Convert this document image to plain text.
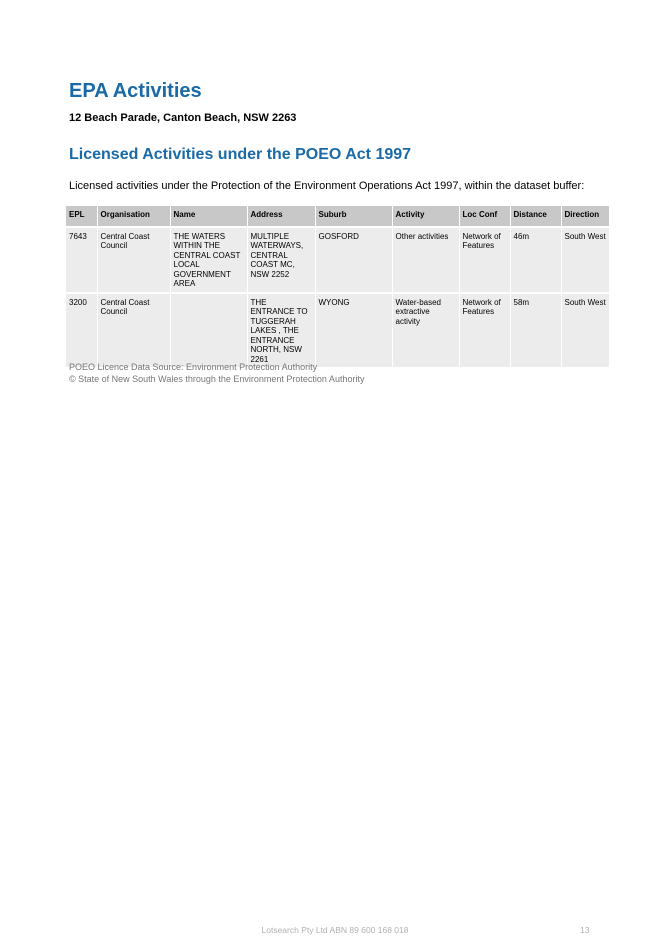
EPA Activities

12 Beach Parade, Canton Beach, NSW 2263

Licensed Activities under the POEO Act 1997

Licensed activities under the Protection of the Environment Operations Act 1997, within the dataset buffer:

EPL	Organisation	Name	Address	Suburb	Activity	Loc Conf	Distance	Direction
7643	Central Coast Council	THE WATERS WITHIN THE CENTRAL COAST LOCAL GOVERNMENT AREA	MULTIPLE WATERWAYS, CENTRAL COAST MC, NSW 2252	GOSFORD	Other activities	Network of Features	46m	South West
3200	Central Coast Council		THE ENTRANCE TO TUGGERAH LAKES , THE ENTRANCE NORTH, NSW 2261	WYONG	Water-based extractive activity	Network of Features	58m	South West
POEO Licence Data Source: Environment Protection Authority
© State of New South Wales through the Environment Protection Authority

Lotsearch Pty Ltd ABN 89 600 168 018	13
